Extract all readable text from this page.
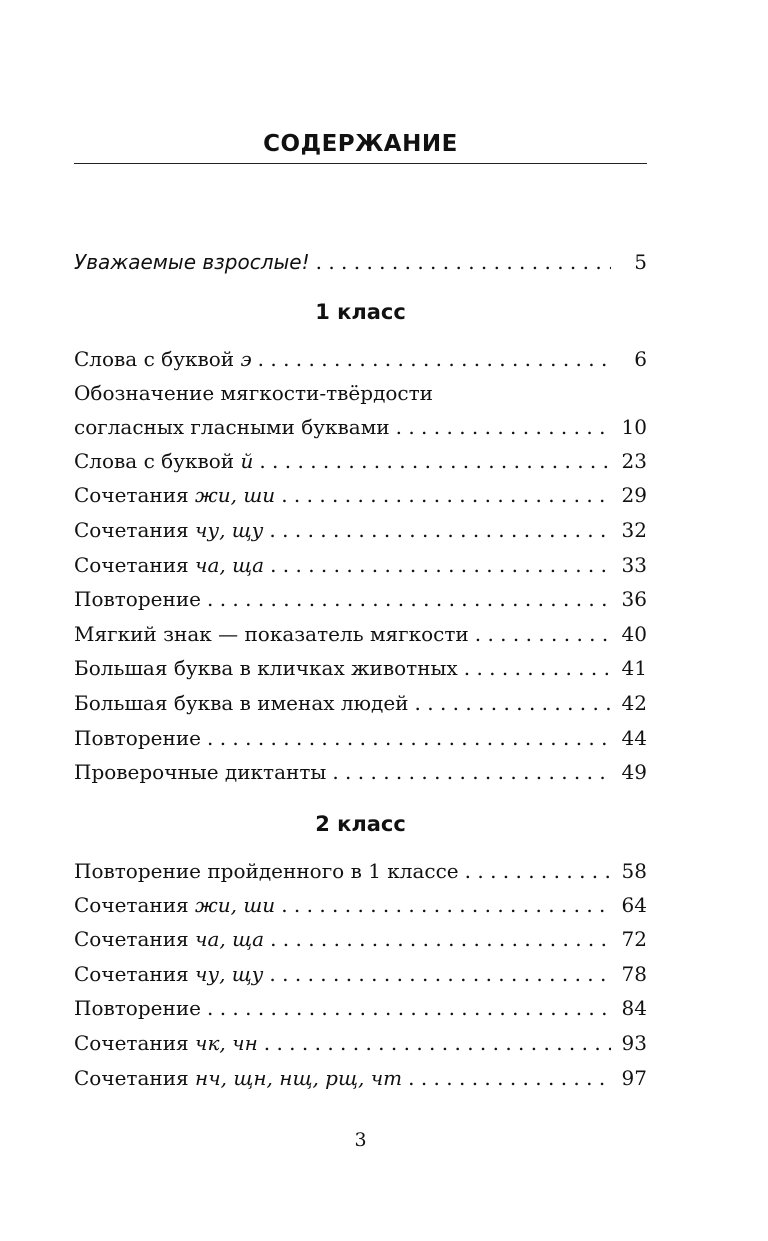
СОДЕРЖАНИЕ
Уважаемые взрослые! . . .	5
1 класс
Слова с буквой э . . .	6
Обозначение мягкости-твёрдости
согласных гласными буквами . . .	10
Слова с буквой й . . .	23
Сочетания жи, ши . . .	29
Сочетания чу, щу . . .	32
Сочетания ча, ща . . .	33
Повторение . . .	36
Мягкий знак — показатель мягкости . . .	40
Большая буква в кличках животных . . .	41
Большая буква в именах людей . . .	42
Повторение . . .	44
Проверочные диктанты . . .	49
2 класс
Повторение пройденного в 1 классе . . .	58
Сочетания жи, ши . . .	64
Сочетания ча, ща . . .	72
Сочетания чу, щу . . .	78
Повторение . . .	84
Сочетания чк, чн . . .	93
Сочетания нч, щн, нщ, рщ, чт . . .	97
3
